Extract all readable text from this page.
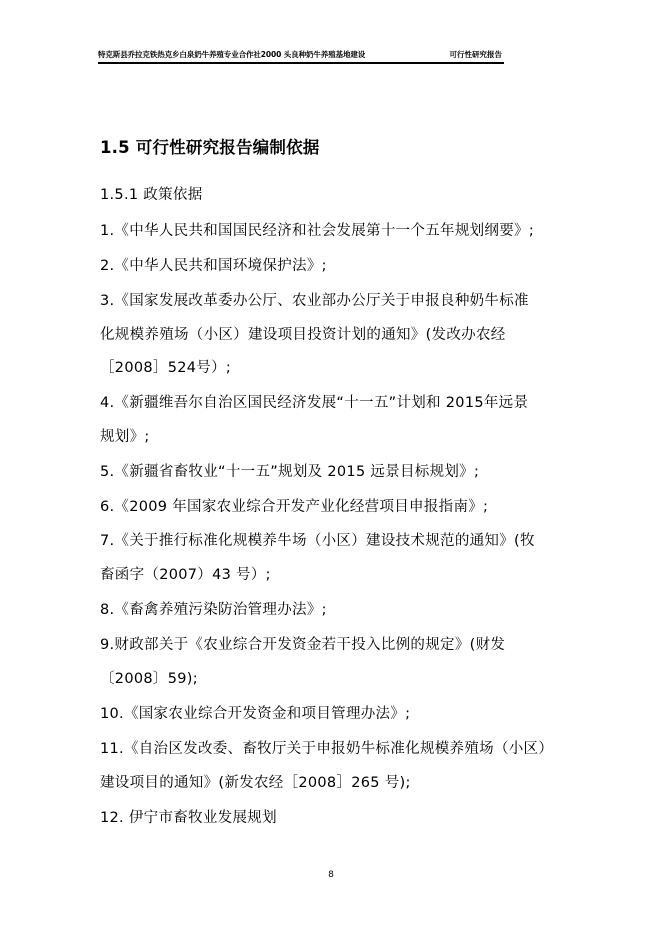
特克斯县乔拉克铁热克乡白泉奶牛养殖专业合作社2000 头良种奶牛养殖基地建设	可行性研究报告
1.5 可行性研究报告编制依据
1.5.1 政策依据
1.《中华人民共和国国民经济和社会发展第十一个五年规划纲要》;
2.《中华人民共和国环境保护法》;
3.《国家发展改革委办公厅、农业部办公厅关于申报良种奶牛标准
化规模养殖场（小区）建设项目投资计划的通知》(发改办农经
［2008］524号）;
4.《新疆维吾尔自治区国民经济发展“十一五”计划和 2015年远景
规划》;
5.《新疆省畜牧业“十一五”规划及 2015 远景目标规划》;
6.《2009 年国家农业综合开发产业化经营项目申报指南》;
7.《关于推行标准化规模养牛场（小区）建设技术规范的通知》(牧
畜函字（2007）43 号）;
8.《畜禽养殖污染防治管理办法》;
9.财政部关于《农业综合开发资金若干投入比例的规定》(财发
〔2008〕59);
10.《国家农业综合开发资金和项目管理办法》;
11.《自治区发改委、畜牧厅关于申报奶牛标准化规模养殖场（小区）
建设项目的通知》(新发农经［2008］265 号);
12. 伊宁市畜牧业发展规划
8
